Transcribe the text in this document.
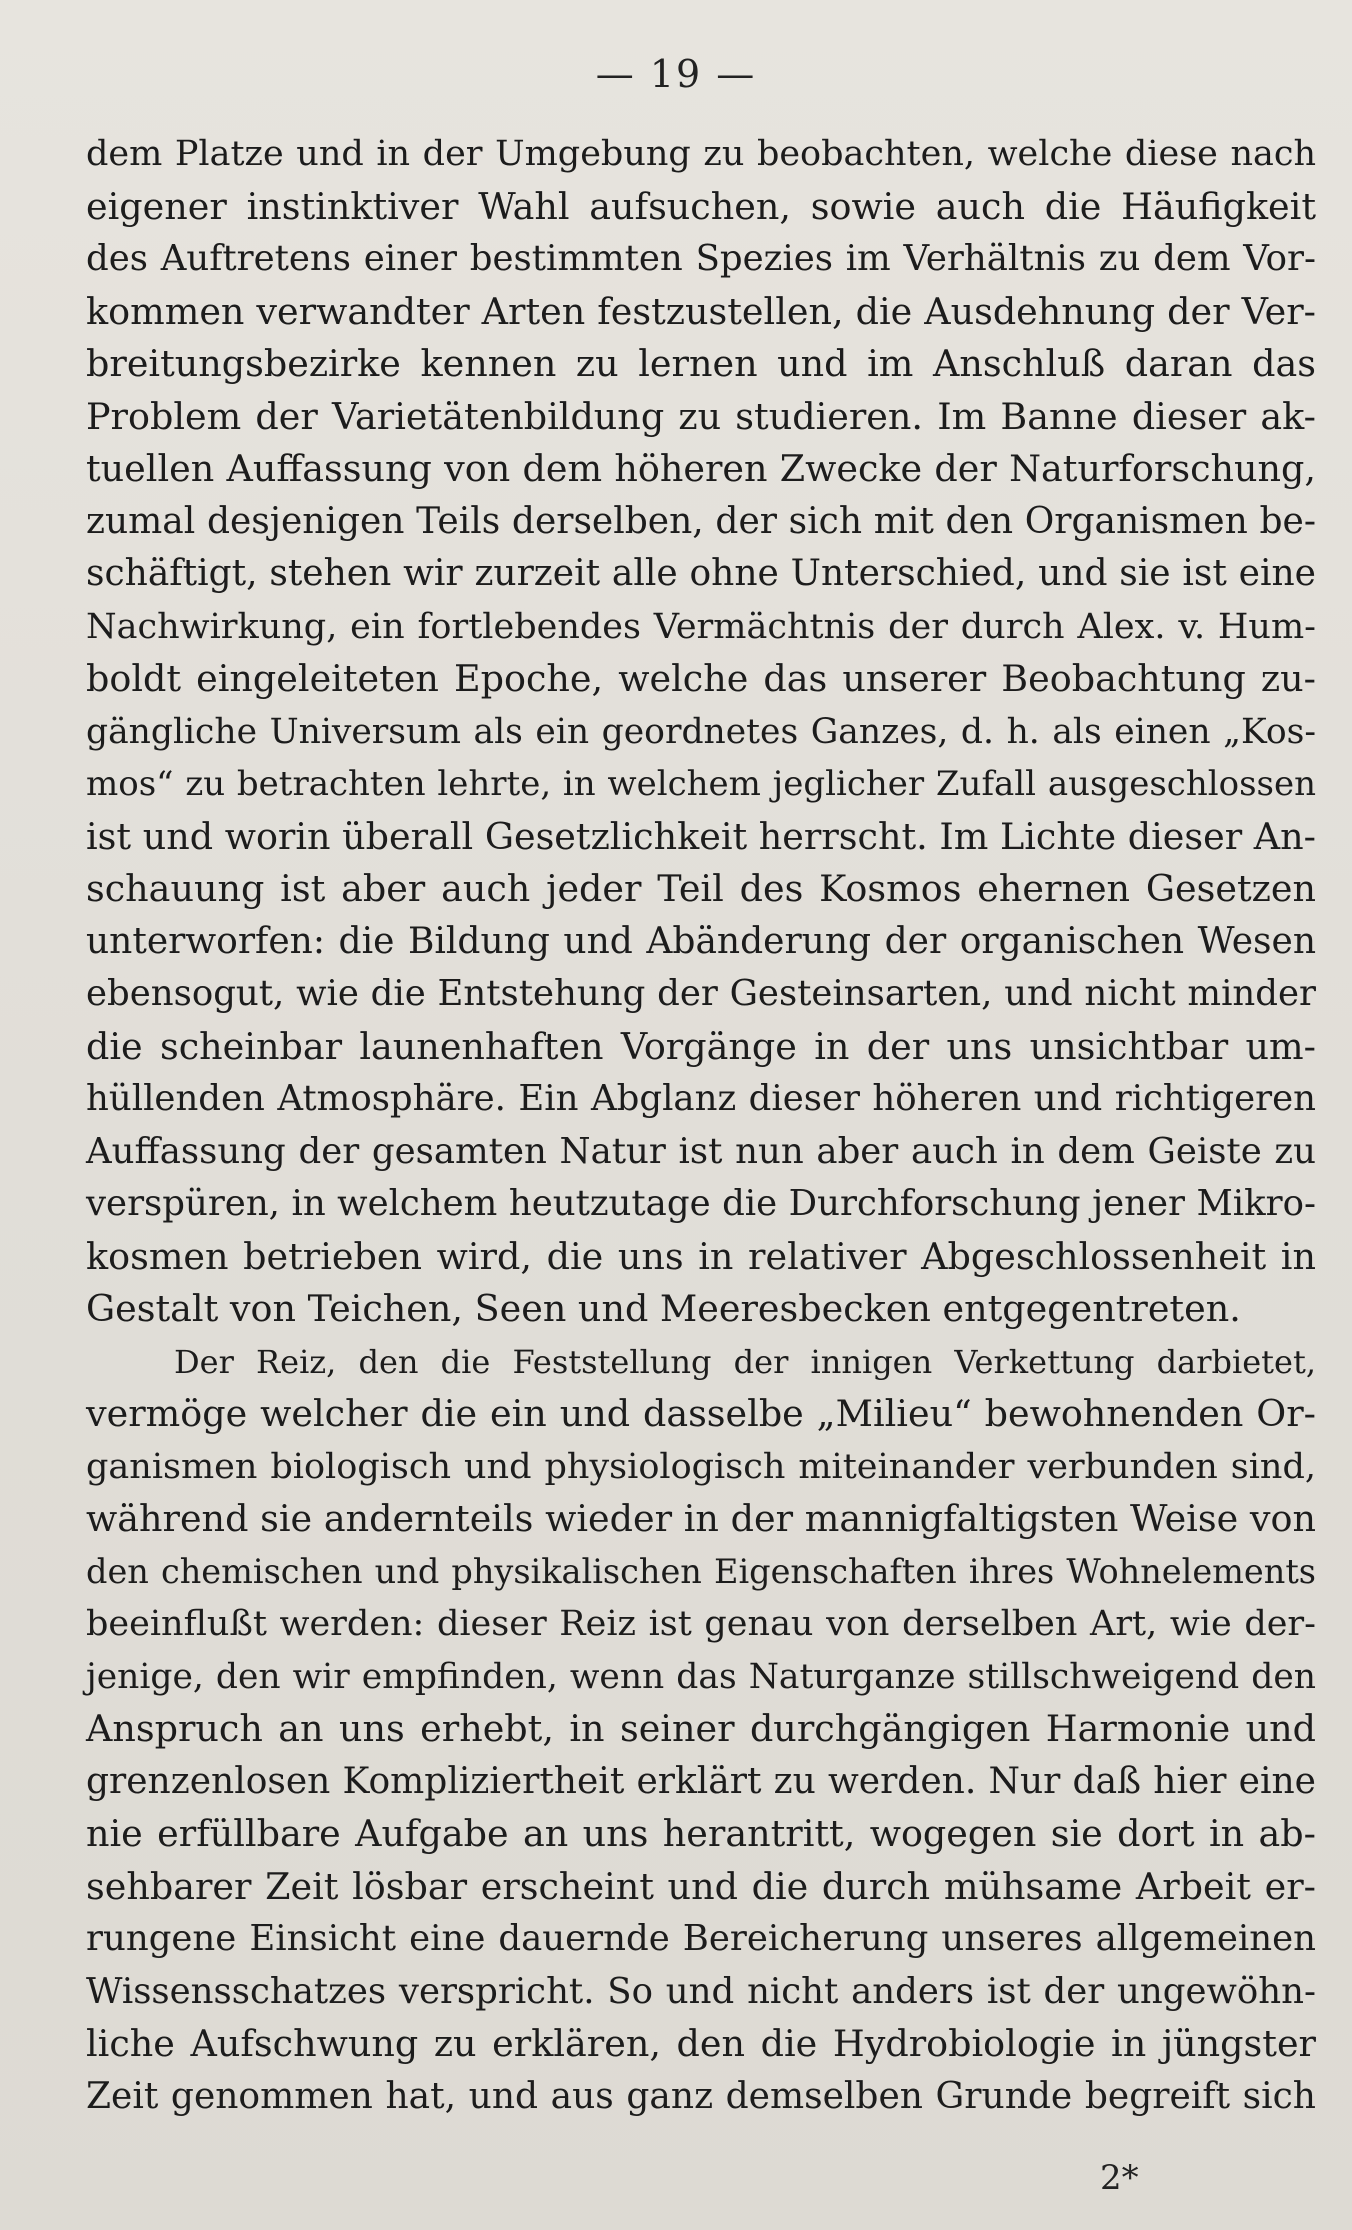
— 19 —
dem Platze und in der Umgebung zu beobachten, welche diese nach
eigener instinktiver Wahl aufsuchen, sowie auch die Häufigkeit
des Auftretens einer bestimmten Spezies im Verhältnis zu dem Vor-
kommen verwandter Arten festzustellen, die Ausdehnung der Ver-
breitungsbezirke kennen zu lernen und im Anschluß daran das
Problem der Varietätenbildung zu studieren. Im Banne dieser ak-
tuellen Auffassung von dem höheren Zwecke der Naturforschung,
zumal desjenigen Teils derselben, der sich mit den Organismen be-
schäftigt, stehen wir zurzeit alle ohne Unterschied, und sie ist eine
Nachwirkung, ein fortlebendes Vermächtnis der durch Alex. v. Hum-
boldt eingeleiteten Epoche, welche das unserer Beobachtung zu-
gängliche Universum als ein geordnetes Ganzes, d. h. als einen „Kos-
mos“ zu betrachten lehrte, in welchem jeglicher Zufall ausgeschlossen
ist und worin überall Gesetzlichkeit herrscht. Im Lichte dieser An-
schauung ist aber auch jeder Teil des Kosmos ehernen Gesetzen
unterworfen: die Bildung und Abänderung der organischen Wesen
ebensogut, wie die Entstehung der Gesteinsarten, und nicht minder
die scheinbar launenhaften Vorgänge in der uns unsichtbar um-
hüllenden Atmosphäre. Ein Abglanz dieser höheren und richtigeren
Auffassung der gesamten Natur ist nun aber auch in dem Geiste zu
verspüren, in welchem heutzutage die Durchforschung jener Mikro-
kosmen betrieben wird, die uns in relativer Abgeschlossenheit in
Gestalt von Teichen, Seen und Meeresbecken entgegentreten.
Der Reiz, den die Feststellung der innigen Verkettung darbietet,
vermöge welcher die ein und dasselbe „Milieu“ bewohnenden Or-
ganismen biologisch und physiologisch miteinander verbunden sind,
während sie andernteils wieder in der mannigfaltigsten Weise von
den chemischen und physikalischen Eigenschaften ihres Wohnelements
beeinflußt werden: dieser Reiz ist genau von derselben Art, wie der-
jenige, den wir empfinden, wenn das Naturganze stillschweigend den
Anspruch an uns erhebt, in seiner durchgängigen Harmonie und
grenzenlosen Kompliziertheit erklärt zu werden. Nur daß hier eine
nie erfüllbare Aufgabe an uns herantritt, wogegen sie dort in ab-
sehbarer Zeit lösbar erscheint und die durch mühsame Arbeit er-
rungene Einsicht eine dauernde Bereicherung unseres allgemeinen
Wissensschatzes verspricht. So und nicht anders ist der ungewöhn-
liche Aufschwung zu erklären, den die Hydrobiologie in jüngster
Zeit genommen hat, und aus ganz demselben Grunde begreift sich
2*
